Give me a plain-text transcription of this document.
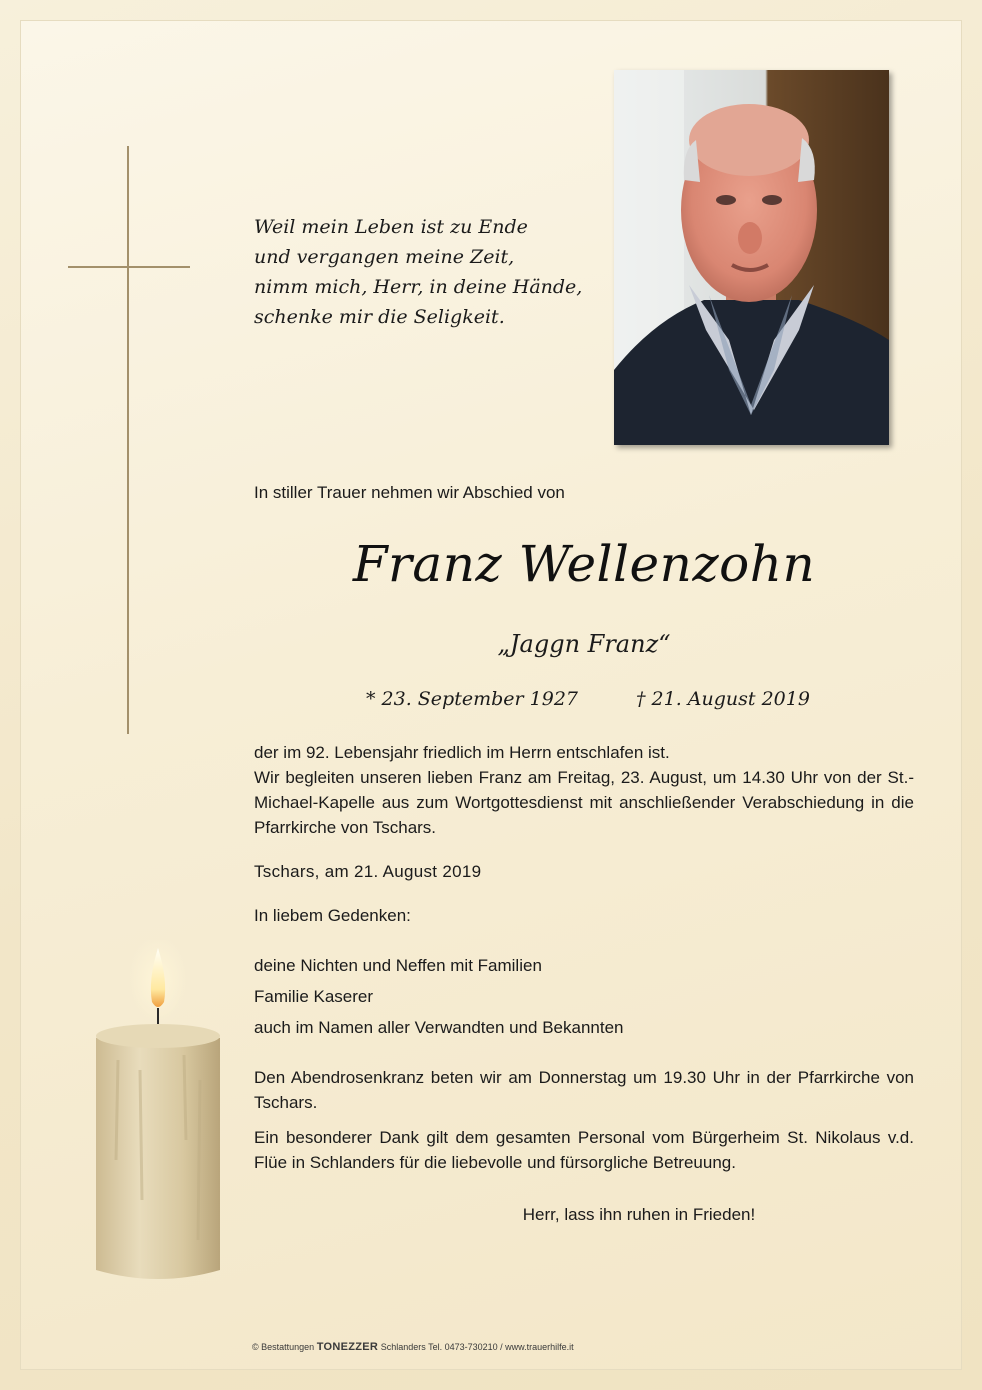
Weil mein Leben ist zu Ende
und vergangen meine Zeit,
nimm mich, Herr, in deine Hände,
schenke mir die Seligkeit.
In stiller Trauer nehmen wir Abschied von
Franz Wellenzohn
„Jaggn Franz“
* 23. September 1927	† 21. August 2019
der im 92. Lebensjahr friedlich im Herrn entschlafen ist.
Wir begleiten unseren lieben Franz am Freitag, 23. August, um 14.30 Uhr von der St.-Michael-Kapelle aus zum Wortgottesdienst mit anschließender Verabschiedung in die Pfarrkirche von Tschars.
Tschars, am 21. August 2019
In liebem Gedenken:
deine Nichten und Neffen mit Familien
Familie Kaserer
auch im Namen aller Verwandten und Bekannten
Den Abendrosenkranz beten wir am Donnerstag um 19.30 Uhr in der Pfarrkirche von Tschars.
Ein besonderer Dank gilt dem gesamten Personal vom Bürgerheim St. Nikolaus v.d. Flüe in Schlanders für die liebevolle und fürsorgliche Betreuung.
Herr, lass ihn ruhen in Frieden!
© Bestattungen TONEZZER Schlanders Tel. 0473-730210 / www.trauerhilfe.it
